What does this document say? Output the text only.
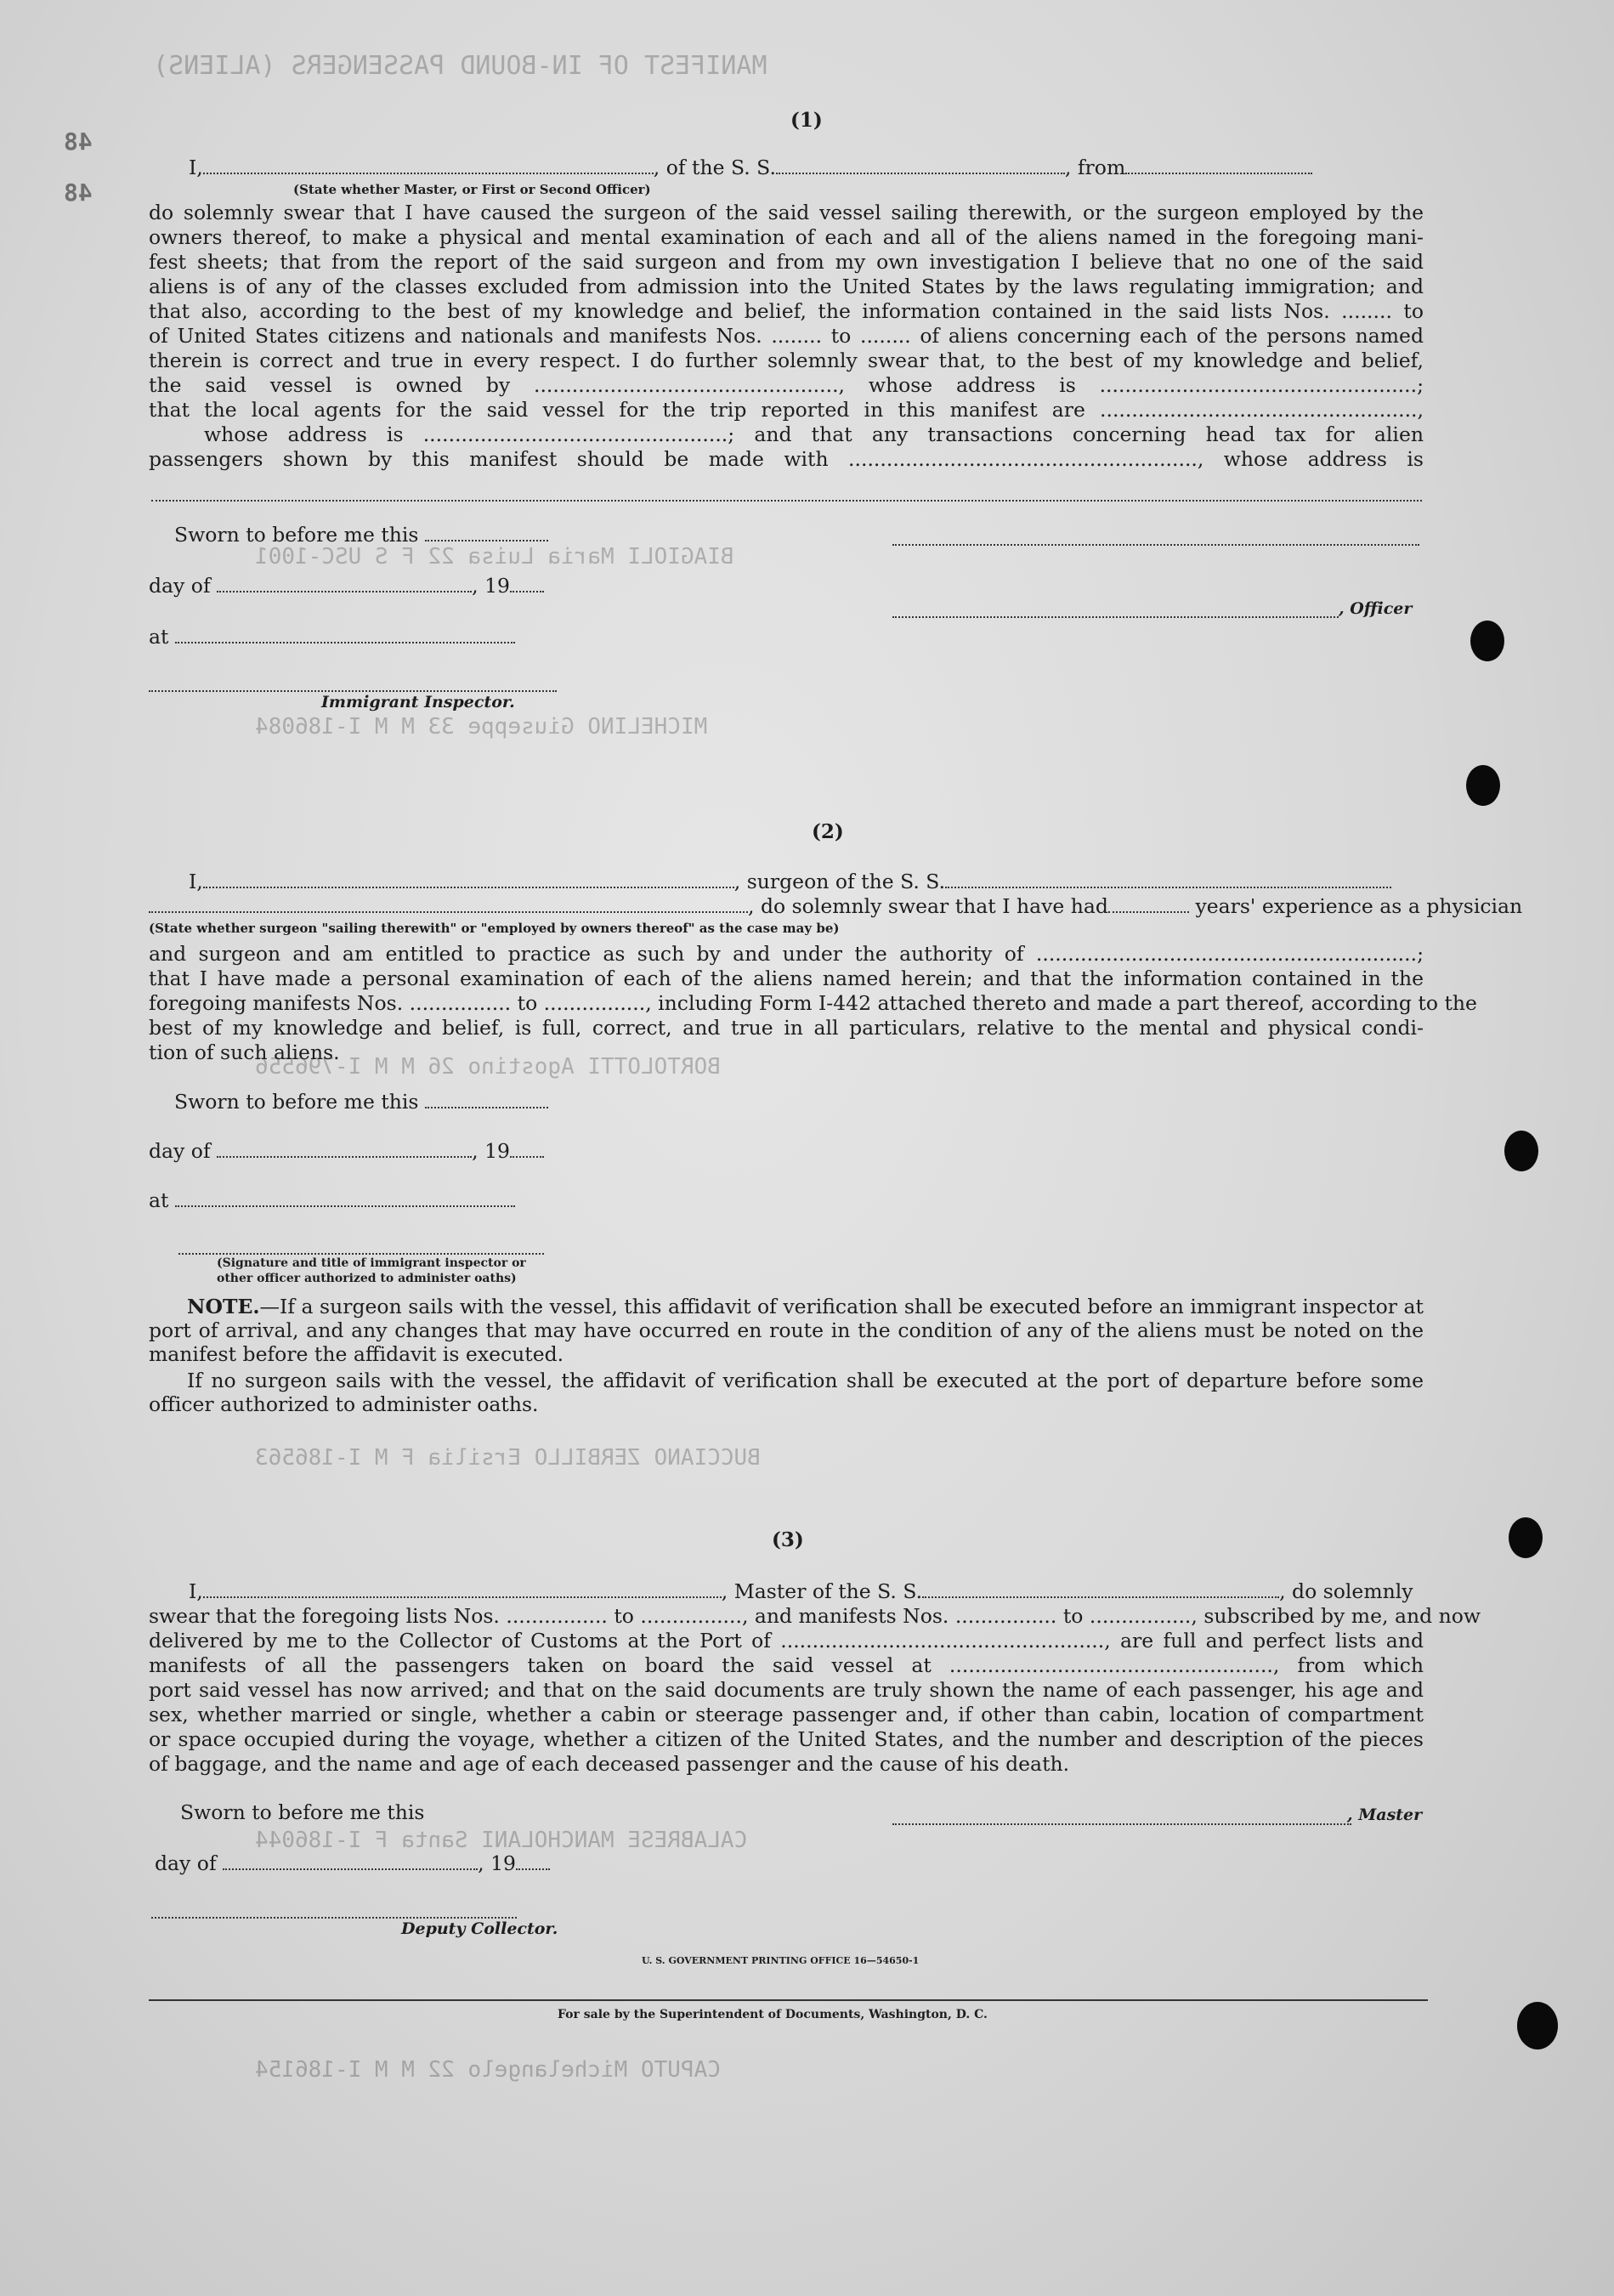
MANIFEST OF IN-BOUND PASSENGERS (ALIENS)
BIAGIOLI Maria Luisa 22 F S USC-1001
MICHELINO Giuseppe 33 M M I-186084
BORTOLOTTI Agostino 26 M M I-796556
BUCCIANO ZERBILLO Ersilia F M I-186563
CALABRESE MANCHOLANI Santa F I-186044
CAPUTO Michelangelo 22 M M I-186154
(1)
I,	, of the S. S.	, from
(State whether Master, or First or Second Officer)
do solemnly swear that I have caused the surgeon of the said vessel sailing therewith, or the surgeon employed by the
owners thereof, to make a physical and mental examination of each and all of the aliens named in the foregoing mani-
fest sheets; that from the report of the said surgeon and from my own investigation I believe that no one of the said
aliens is of any of the classes excluded from admission into the United States by the laws regulating immigration; and
that also, according to the best of my knowledge and belief, the information contained in the said lists Nos. ........ to
of United States citizens and nationals and manifests Nos. ........ to ........ of aliens concerning each of the persons named
therein is correct and true in every respect. I do further solemnly swear that, to the best of my knowledge and belief,
the said vessel is owned by ................................................, whose address is ..................................................;
that the local agents for the said vessel for the trip reported in this manifest are ..................................................,
whose address is ................................................; and that any transactions concerning head tax for alien
passengers shown by this manifest should be made with ......................................................., whose address is
Sworn to before me this
day of	, 19
, Officer
at
Immigrant Inspector.
(2)
I,	, surgeon of the S. S.
, do solemnly swear that I have had	years' experience as a physician
(State whether surgeon "sailing therewith" or "employed by owners thereof" as the case may be)
and surgeon and am entitled to practice as such by and under the authority of ............................................................;
that I have made a personal examination of each of the aliens named herein; and that the information contained in the
foregoing manifests Nos. ................ to ................, including Form I-442 attached thereto and made a part thereof, according to the
best of my knowledge and belief, is full, correct, and true in all particulars, relative to the mental and physical condi-
tion of such aliens.
Sworn to before me this
day of	, 19
at
(Signature and title of immigrant inspector or
other officer authorized to administer oaths)
NOTE.—If a surgeon sails with the vessel, this affidavit of verification shall be executed before an immigrant inspector at port of arrival, and any changes that may have occurred en route in the condition of any of the aliens must be noted on the manifest before the affidavit is executed.
If no surgeon sails with the vessel, the affidavit of verification shall be executed at the port of departure before some officer authorized to administer oaths.
(3)
I,	, Master of the S. S.	, do solemnly
swear that the foregoing lists Nos. ................ to ................, and manifests Nos. ................ to ................, subscribed by me, and now
delivered by me to the Collector of Customs at the Port of ..................................................., are full and perfect lists and
manifests of all the passengers taken on board the said vessel at ..................................................., from which
port said vessel has now arrived; and that on the said documents are truly shown the name of each passenger, his age and
sex, whether married or single, whether a cabin or steerage passenger and, if other than cabin, location of compartment
or space occupied during the voyage, whether a citizen of the United States, and the number and description of the pieces
of baggage, and the name and age of each deceased passenger and the cause of his death.
Sworn to before me this	, Master
day of	, 19
Deputy Collector.
U. S. GOVERNMENT PRINTING OFFICE 16—54650-1
For sale by the Superintendent of Documents, Washington, D. C.
48
48
